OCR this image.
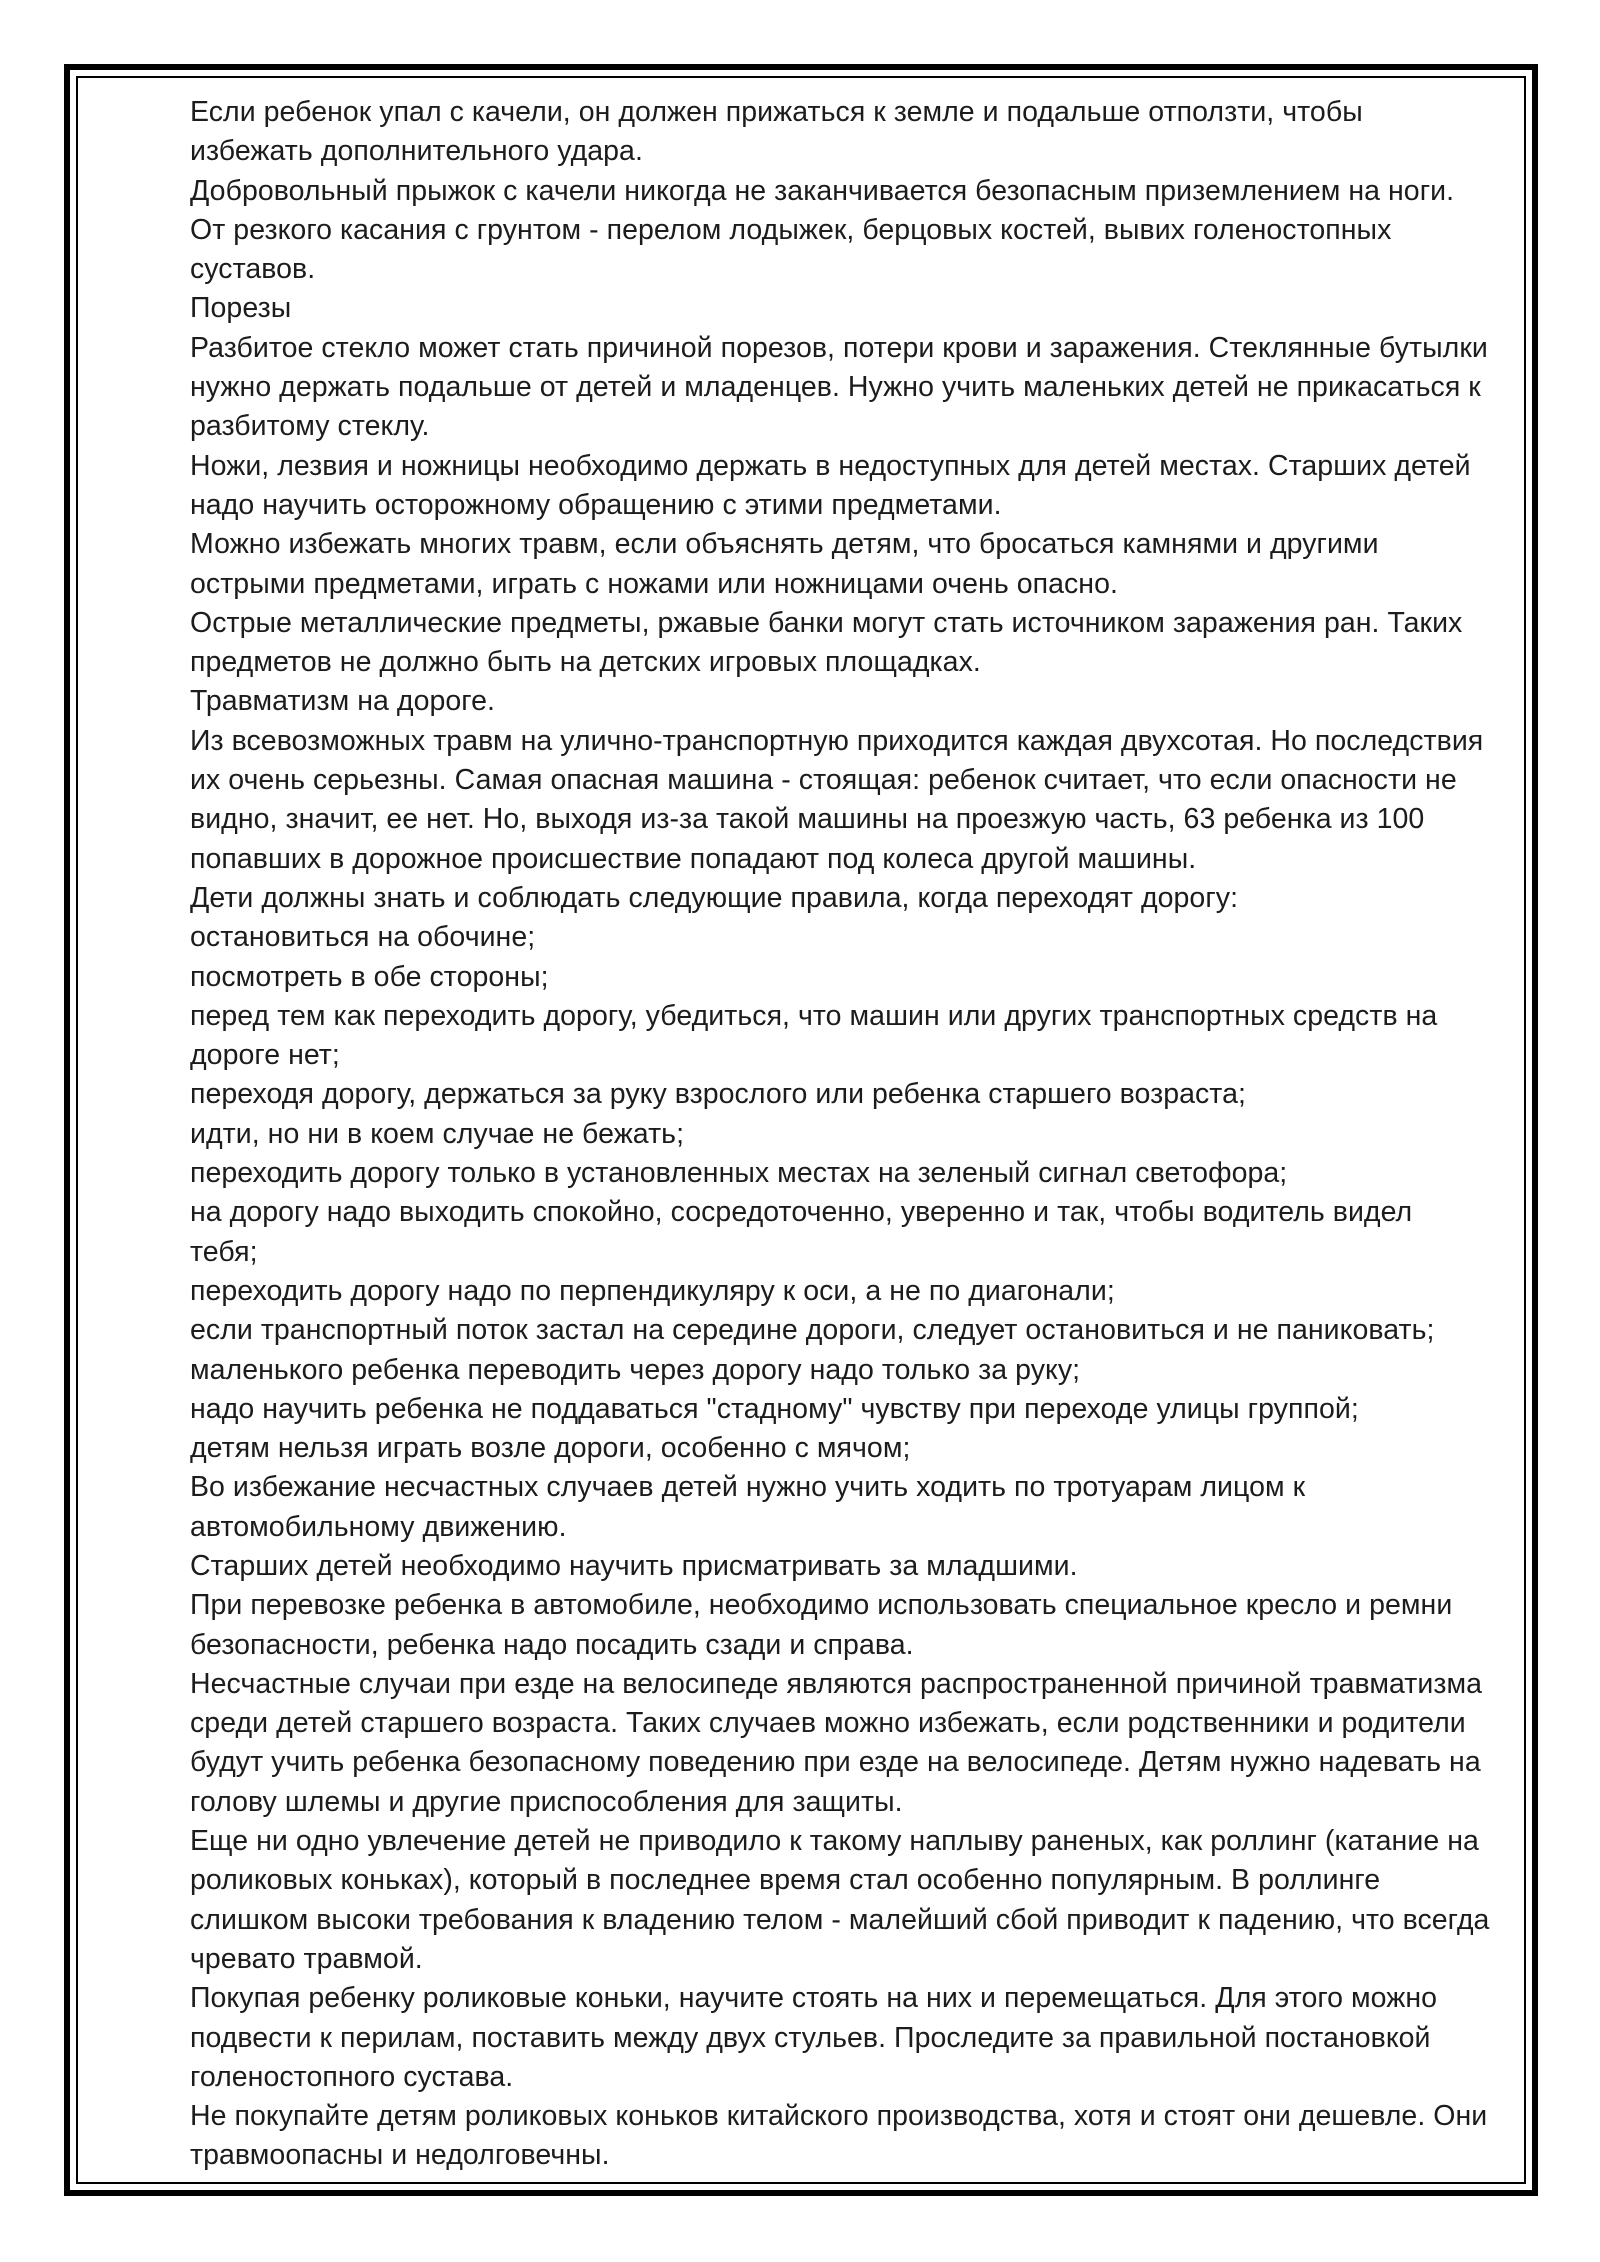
Если ребенок упал с качели, он должен прижаться к земле и подальше отползти, чтобы
избежать дополнительного удара.
Добровольный прыжок с качели никогда не заканчивается безопасным приземлением на ноги.
От резкого касания с грунтом - перелом лодыжек, берцовых костей, вывих голеностопных
суставов.
Порезы
Разбитое стекло может стать причиной порезов, потери крови и заражения. Стеклянные бутылки
нужно держать подальше от детей и младенцев. Нужно учить маленьких детей не прикасаться к
разбитому стеклу.
Ножи, лезвия и ножницы необходимо держать в недоступных для детей местах. Старших детей
надо научить осторожному обращению с этими предметами.
Можно избежать многих травм, если объяснять детям, что бросаться камнями и другими
острыми предметами, играть с ножами или ножницами очень опасно.
Острые металлические предметы, ржавые банки могут стать источником заражения ран. Таких
предметов не должно быть на детских игровых площадках.
Травматизм на дороге.
Из всевозможных травм на улично-транспортную приходится каждая двухсотая. Но последствия
их очень серьезны. Самая опасная машина - стоящая: ребенок считает, что если опасности не
видно, значит, ее нет. Но, выходя из-за такой машины на проезжую часть, 63 ребенка из 100
попавших в дорожное происшествие попадают под колеса другой машины.
Дети должны знать и соблюдать следующие правила, когда переходят дорогу:
остановиться на обочине;
посмотреть в обе стороны;
перед тем как переходить дорогу, убедиться, что машин или других транспортных средств на
дороге нет;
переходя дорогу, держаться за руку взрослого или ребенка старшего возраста;
идти, но ни в коем случае не бежать;
переходить дорогу только в установленных местах на зеленый сигнал светофора;
на дорогу надо выходить спокойно, сосредоточенно, уверенно и так, чтобы водитель видел
тебя;
переходить дорогу надо по перпендикуляру к оси, а не по диагонали;
если транспортный поток застал на середине дороги, следует остановиться и не паниковать;
маленького ребенка переводить через дорогу надо только за руку;
надо научить ребенка не поддаваться "стадному" чувству при переходе улицы группой;
детям нельзя играть возле дороги, особенно с мячом;
Во избежание несчастных случаев детей нужно учить ходить по тротуарам лицом к
автомобильному движению.
Старших детей необходимо научить присматривать за младшими.
При перевозке ребенка в автомобиле, необходимо использовать специальное кресло и ремни
безопасности, ребенка надо посадить сзади и справа.
Несчастные случаи при езде на велосипеде являются распространенной причиной травматизма
среди детей старшего возраста. Таких случаев можно избежать, если родственники и родители
будут учить ребенка безопасному поведению при езде на велосипеде. Детям нужно надевать на
голову шлемы и другие приспособления для защиты.
Еще ни одно увлечение детей не приводило к такому наплыву раненых, как роллинг (катание на
роликовых коньках), который в последнее время стал особенно популярным. В роллинге
слишком высоки требования к владению телом - малейший сбой приводит к падению, что всегда
чревато травмой.
Покупая ребенку роликовые коньки, научите стоять на них и перемещаться. Для этого можно
подвести к перилам, поставить между двух стульев. Проследите за правильной постановкой
голеностопного сустава.
Не покупайте детям роликовых коньков китайского производства, хотя и стоят они дешевле. Они
травмоопасны и недолговечны.
